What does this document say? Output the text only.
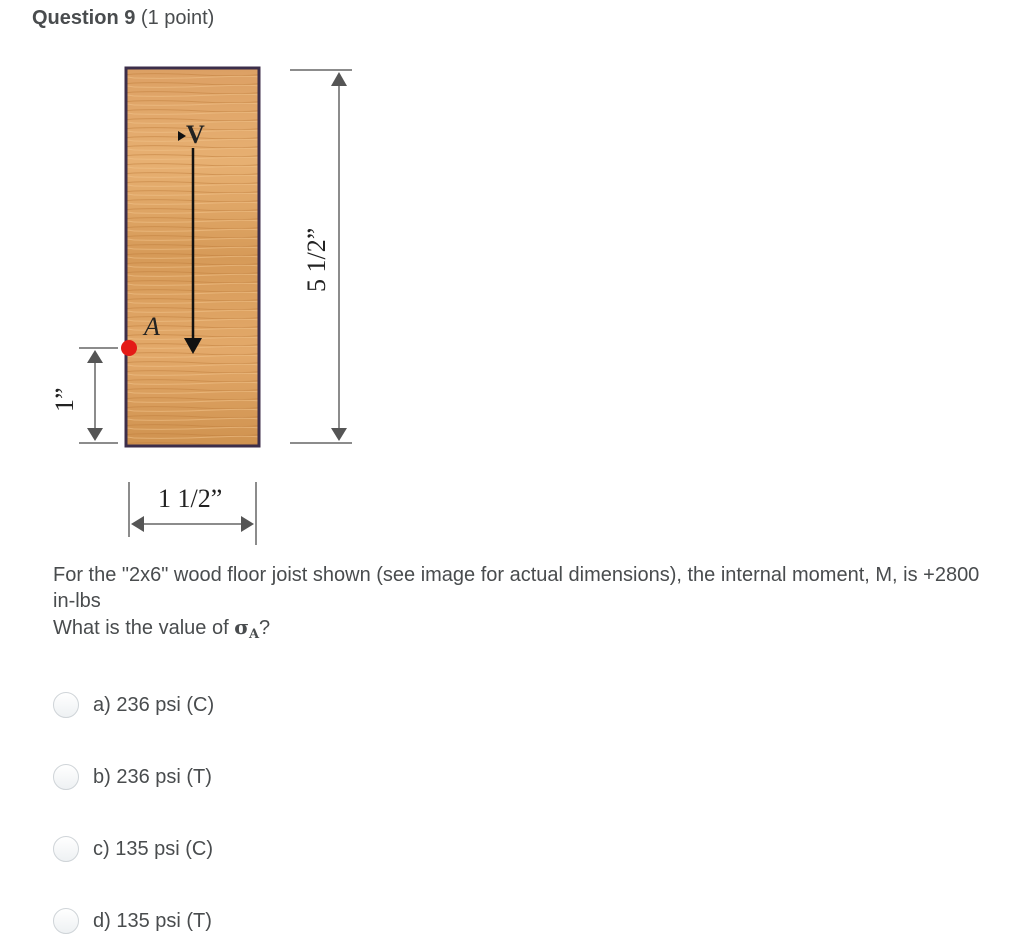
Question 9 (1 point)
V
A
5 1/2”
1”
1 1/2”

For the "2x6" wood floor joist shown (see image for actual dimensions), the internal moment, M, is +2800 in-lbs

What is the value of $\sigma_A$?

a) 236 psi (C)
b) 236 psi (T)
c) 135 psi (C)
d) 135 psi (T)
